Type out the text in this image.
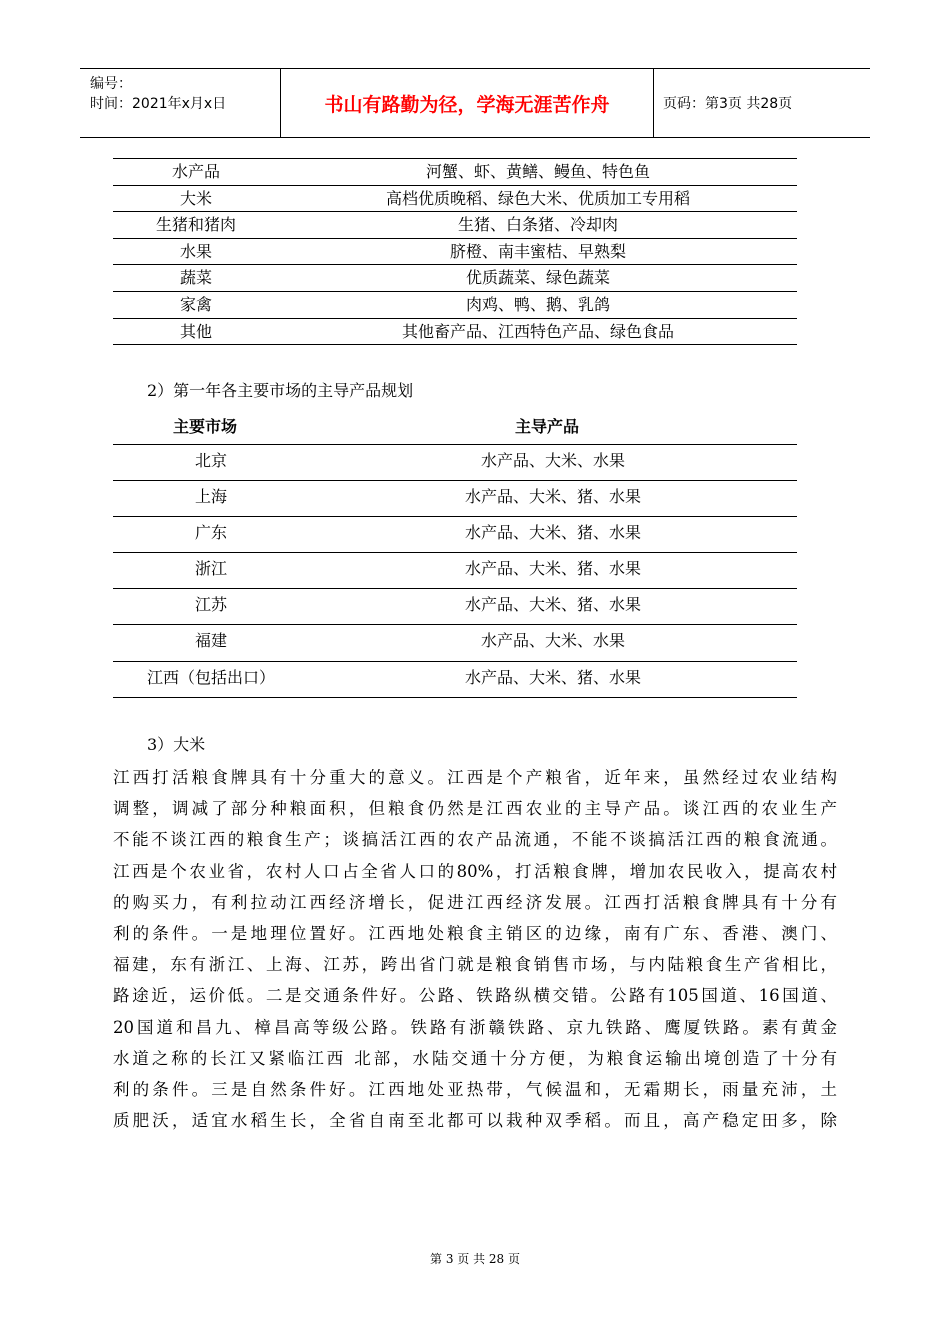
编号：
时间：2021年x月x日	书山有路勤为径，学海无涯苦作舟	页码：第3页 共28页
水产品	河蟹、虾、黄鳝、鳗鱼、特色鱼
大米	高档优质晚稻、绿色大米、优质加工专用稻
生猪和猪肉	生猪、白条猪、冷却肉
水果	脐橙、南丰蜜桔、早熟梨
蔬菜	优质蔬菜、绿色蔬菜
家禽	肉鸡、鸭、鹅、乳鸽
其他	其他畜产品、江西特色产品、绿色食品
2）第一年各主要市场的主导产品规划
主要市场	主导产品
北京	水产品、大米、水果
上海	水产品、大米、猪、水果
广东	水产品、大米、猪、水果
浙江	水产品、大米、猪、水果
江苏	水产品、大米、猪、水果
福建	水产品、大米、水果
江西（包括出口）	水产品、大米、猪、水果
3）大米
江西打活粮食牌具有十分重大的意义。江西是个产粮省，近年来，虽然经过农业结构
调整，调减了部分种粮面积，但粮食仍然是江西农业的主导产品。谈江西的农业生产
不能不谈江西的粮食生产；谈搞活江西的农产品流通，不能不谈搞活江西的粮食流通。
江西是个农业省，农村人口占全省人口的80%，打活粮食牌，增加农民收入，提高农村
的购买力，有利拉动江西经济增长，促进江西经济发展。江西打活粮食牌具有十分有
利的条件。一是地理位置好。江西地处粮食主销区的边缘，南有广东、香港、澳门、
福建，东有浙江、上海、江苏，跨出省门就是粮食销售市场，与内陆粮食生产省相比，
路途近，运价低。二是交通条件好。公路、铁路纵横交错。公路有105国道、16国道、
20国道和昌九、樟昌高等级公路。铁路有浙赣铁路、京九铁路、鹰厦铁路。素有黄金
水道之称的长江又紧临江西 北部，水陆交通十分方便，为粮食运输出境创造了十分有
利的条件。三是自然条件好。江西地处亚热带，气候温和，无霜期长，雨量充沛，土
质肥沃，适宜水稻生长，全省自南至北都可以栽种双季稻。而且，高产稳定田多，除
第 3 页 共 28 页
